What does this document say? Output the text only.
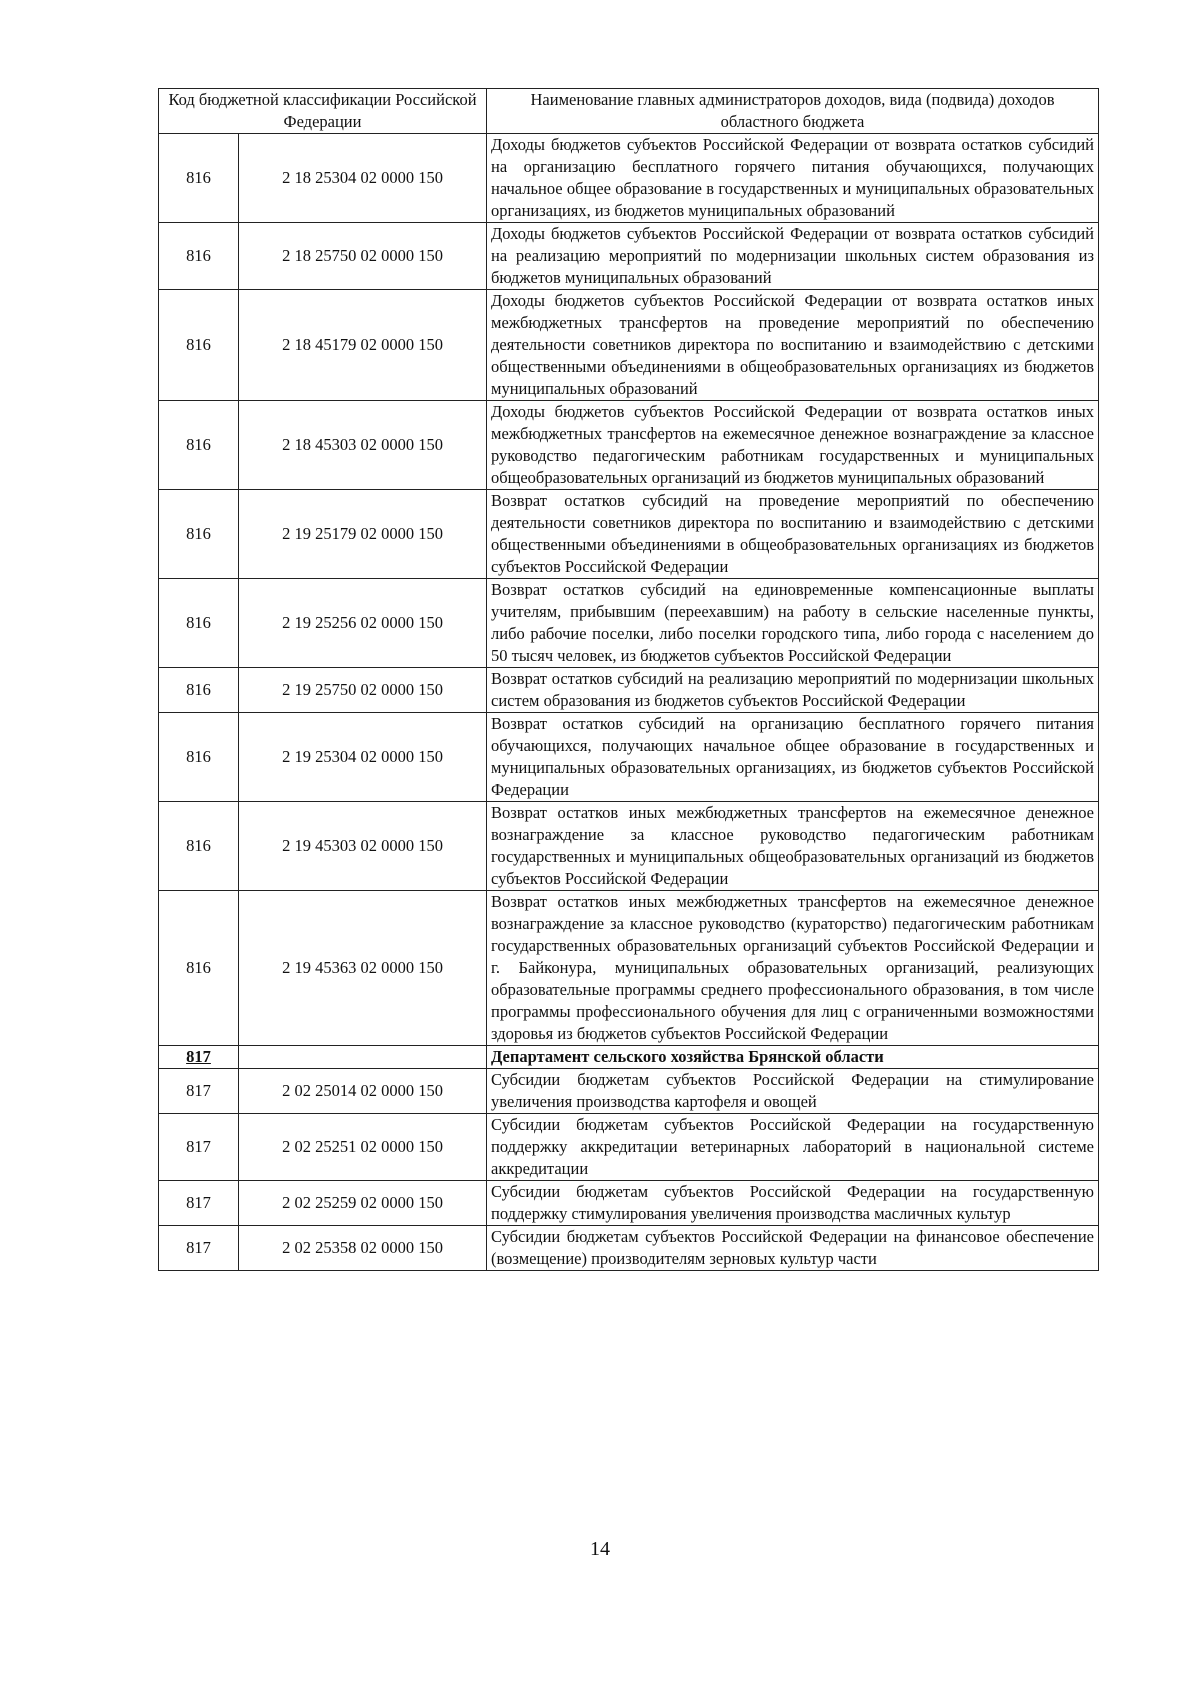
Код бюджетной классификации Российской Федерации		Наименование главных администраторов доходов, вида (подвида) доходов областного бюджета
816	2 18 25304 02 0000 150	Доходы бюджетов субъектов Российской Федерации от возврата остатков субсидий на организацию бесплатного горячего питания обучающихся, получающих начальное общее образование в государственных и муниципальных образовательных организациях, из бюджетов муниципальных образований
816	2 18 25750 02 0000 150	Доходы бюджетов субъектов Российской Федерации от возврата остатков субсидий на реализацию мероприятий по модернизации школьных систем образования из бюджетов муниципальных образований
816	2 18 45179 02 0000 150	Доходы бюджетов субъектов Российской Федерации от возврата остатков иных межбюджетных трансфертов на проведение мероприятий по обеспечению деятельности советников директора по воспитанию и взаимодействию с детскими общественными объединениями в общеобразовательных организациях из бюджетов муниципальных образований
816	2 18 45303 02 0000 150	Доходы бюджетов субъектов Российской Федерации от возврата остатков иных межбюджетных трансфертов на ежемесячное денежное вознаграждение за классное руководство педагогическим работникам государственных и муниципальных общеобразовательных организаций из бюджетов муниципальных образований
816	2 19 25179 02 0000 150	Возврат остатков субсидий на проведение мероприятий по обеспечению деятельности советников директора по воспитанию и взаимодействию с детскими общественными объединениями в общеобразовательных организациях из бюджетов субъектов Российской Федерации
816	2 19 25256 02 0000 150	Возврат остатков субсидий на единовременные компенсационные выплаты учителям, прибывшим (переехавшим) на работу в сельские населенные пункты, либо рабочие поселки, либо поселки городского типа, либо города с населением до 50 тысяч человек, из бюджетов субъектов Российской Федерации
816	2 19 25750 02 0000 150	Возврат остатков субсидий на реализацию мероприятий по модернизации школьных систем образования из бюджетов субъектов Российской Федерации
816	2 19 25304 02 0000 150	Возврат остатков субсидий на организацию бесплатного горячего питания обучающихся, получающих начальное общее образование в государственных и муниципальных образовательных организациях, из бюджетов субъектов Российской Федерации
816	2 19 45303 02 0000 150	Возврат остатков иных межбюджетных трансфертов на ежемесячное денежное вознаграждение за классное руководство педагогическим работникам государственных и муниципальных общеобразовательных организаций из бюджетов субъектов Российской Федерации
816	2 19 45363 02 0000 150	Возврат остатков иных межбюджетных трансфертов на ежемесячное денежное вознаграждение за классное руководство (кураторство) педагогическим работникам государственных образовательных организаций субъектов Российской Федерации и г. Байконура, муниципальных образовательных организаций, реализующих образовательные программы среднего профессионального образования, в том числе программы профессионального обучения для лиц с ограниченными возможностями здоровья из бюджетов субъектов Российской Федерации
817		Департамент сельского хозяйства Брянской области
817	2 02 25014 02 0000 150	Субсидии бюджетам субъектов Российской Федерации на стимулирование увеличения производства картофеля и овощей
817	2 02 25251 02 0000 150	Субсидии бюджетам субъектов Российской Федерации на государственную поддержку аккредитации ветеринарных лабораторий в национальной системе аккредитации
817	2 02 25259 02 0000 150	Субсидии бюджетам субъектов Российской Федерации на государственную поддержку стимулирования увеличения производства масличных культур
817	2 02 25358 02 0000 150	Субсидии бюджетам субъектов Российской Федерации на финансовое обеспечение (возмещение) производителям зерновых культур части
14
